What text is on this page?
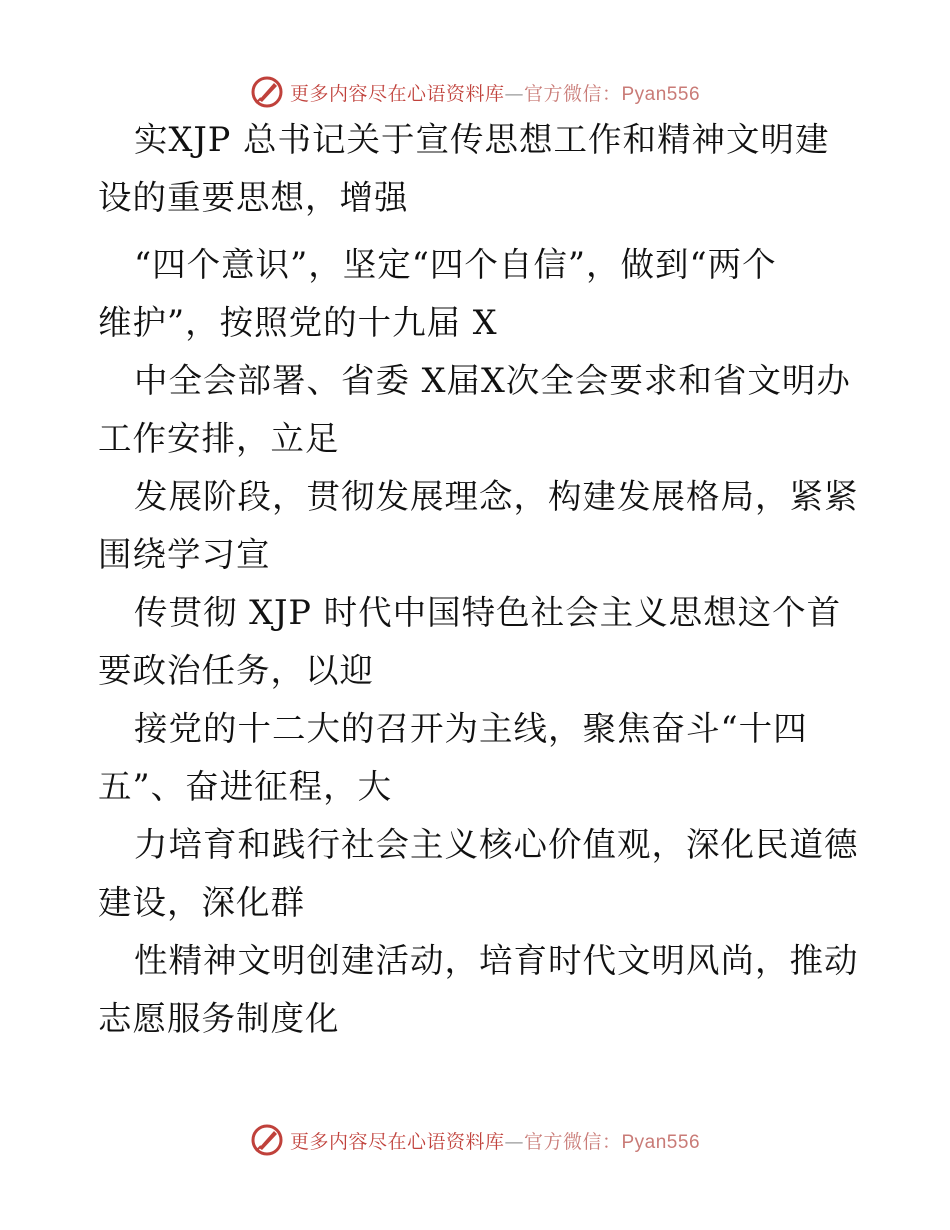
更多内容尽在心语资料库—官方微信：Pyan556
实XJP 总书记关于宣传思想工作和精神文明建
设的重要思想，增强
“四个意识”，坚定“四个自信”，做到“两个
维护”，按照党的十九届 X
中全会部署、省委 X届X次全会要求和省文明办
工作安排，立足
发展阶段，贯彻发展理念，构建发展格局，紧紧
围绕学习宣
传贯彻 XJP 时代中国特色社会主义思想这个首
要政治任务，以迎
接党的十二大的召开为主线，聚焦奋斗“十四
五”、奋进征程，大
力培育和践行社会主义核心价值观，深化民道德
建设，深化群
性精神文明创建活动，培育时代文明风尚，推动
志愿服务制度化
更多内容尽在心语资料库—官方微信：Pyan556
